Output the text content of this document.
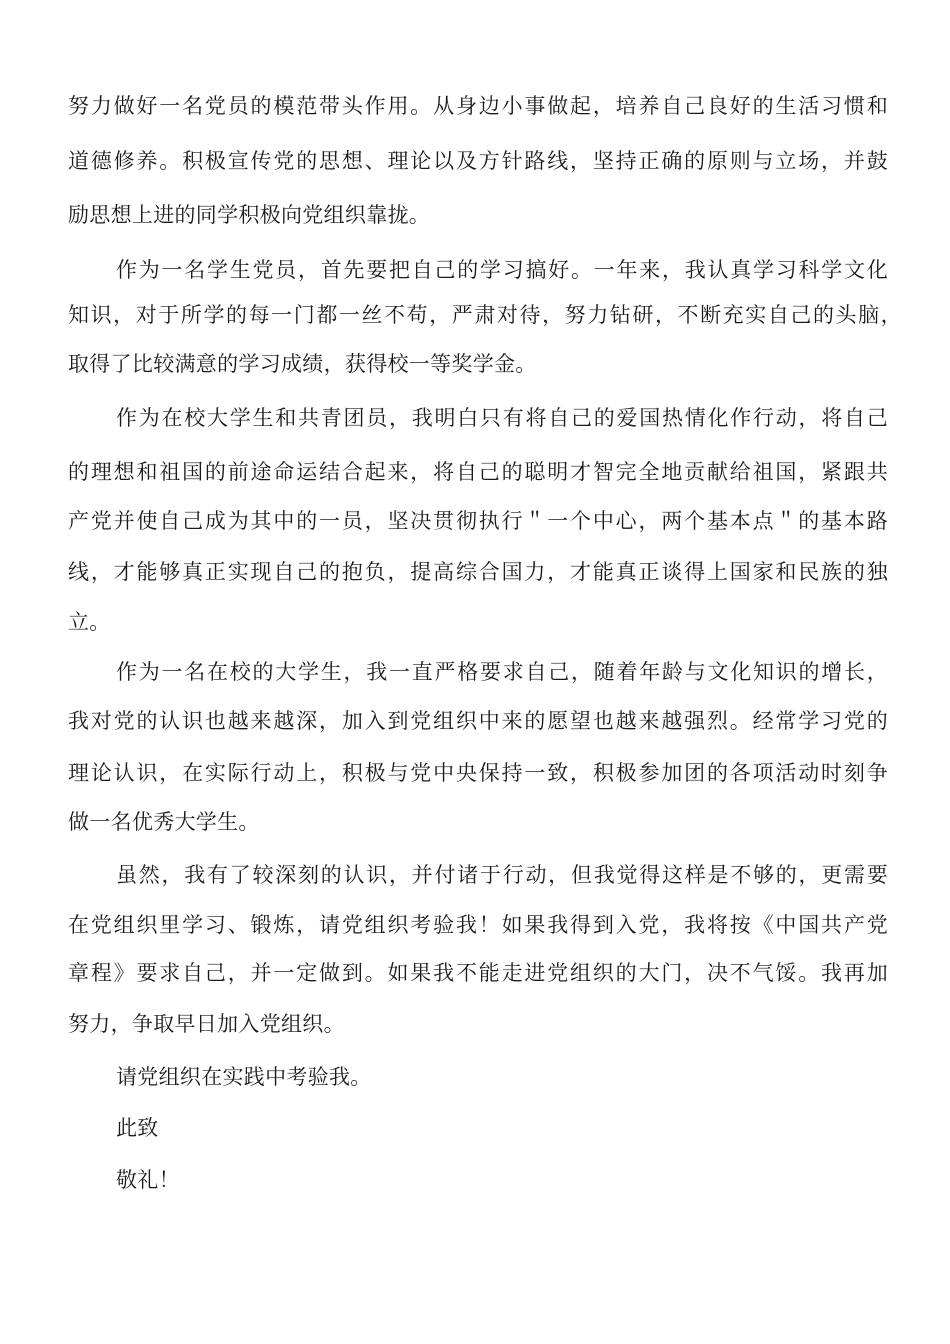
努力做好一名党员的模范带头作用。从身边小事做起，培养自己良好的生活习惯和
道德修养。积极宣传党的思想、理论以及方针路线，坚持正确的原则与立场，并鼓
励思想上进的同学积极向党组织靠拢。
作为一名学生党员，首先要把自己的学习搞好。一年来，我认真学习科学文化
知识，对于所学的每一门都一丝不苟，严肃对待，努力钻研，不断充实自己的头脑，
取得了比较满意的学习成绩，获得校一等奖学金。
作为在校大学生和共青团员，我明白只有将自己的爱国热情化作行动，将自己
的理想和祖国的前途命运结合起来，将自己的聪明才智完全地贡献给祖国，紧跟共
产党并使自己成为其中的一员，坚决贯彻执行＂一个中心，两个基本点＂的基本路
线，才能够真正实现自己的抱负，提高综合国力，才能真正谈得上国家和民族的独
立。
作为一名在校的大学生，我一直严格要求自己，随着年龄与文化知识的增长，
我对党的认识也越来越深，加入到党组织中来的愿望也越来越强烈。经常学习党的
理论认识，在实际行动上，积极与党中央保持一致，积极参加团的各项活动时刻争
做一名优秀大学生。
虽然，我有了较深刻的认识，并付诸于行动，但我觉得这样是不够的，更需要
在党组织里学习、锻炼，请党组织考验我！如果我得到入党，我将按《中国共产党
章程》要求自己，并一定做到。如果我不能走进党组织的大门，决不气馁。我再加
努力，争取早日加入党组织。
请党组织在实践中考验我。
此致
敬礼！
